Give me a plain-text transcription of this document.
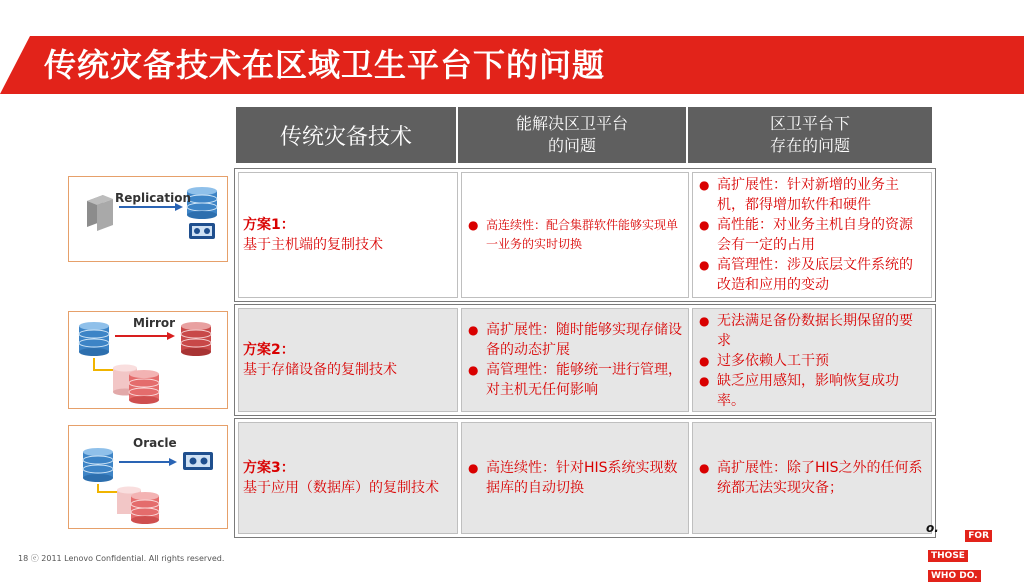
传统灾备技术在区域卫生平台下的问题
传统灾备技术
能解决区卫平台
的问题
区卫平台下
存在的问题
方案1：
基于主机端的复制技术
● 高连续性：配合集群软件能够实现单一业务的实时切换
● 高扩展性：针对新增的业务主机，都得增加软件和硬件
● 高性能：对业务主机自身的资源会有一定的占用
● 高管理性：涉及底层文件系统的改造和应用的变动
方案2：
基于存储设备的复制技术
● 高扩展性：随时能够实现存储设备的动态扩展
● 高管理性：能够统一进行管理，对主机无任何影响
● 无法满足备份数据长期保留的要求
● 过多依赖人工干预
● 缺乏应用感知，影响恢复成功率。
方案3：
基于应用（数据库）的复制技术
● 高连续性：针对HIS系统实现数据库的自动切换
● 高扩展性：除了HIS之外的任何系统都无法实现灾备；
Replication
Mirror
Oracle
18 ⓔ 2011 Lenovo Confidential. All rights reserved.
o.
FOR
THOSE
WHO DO.
